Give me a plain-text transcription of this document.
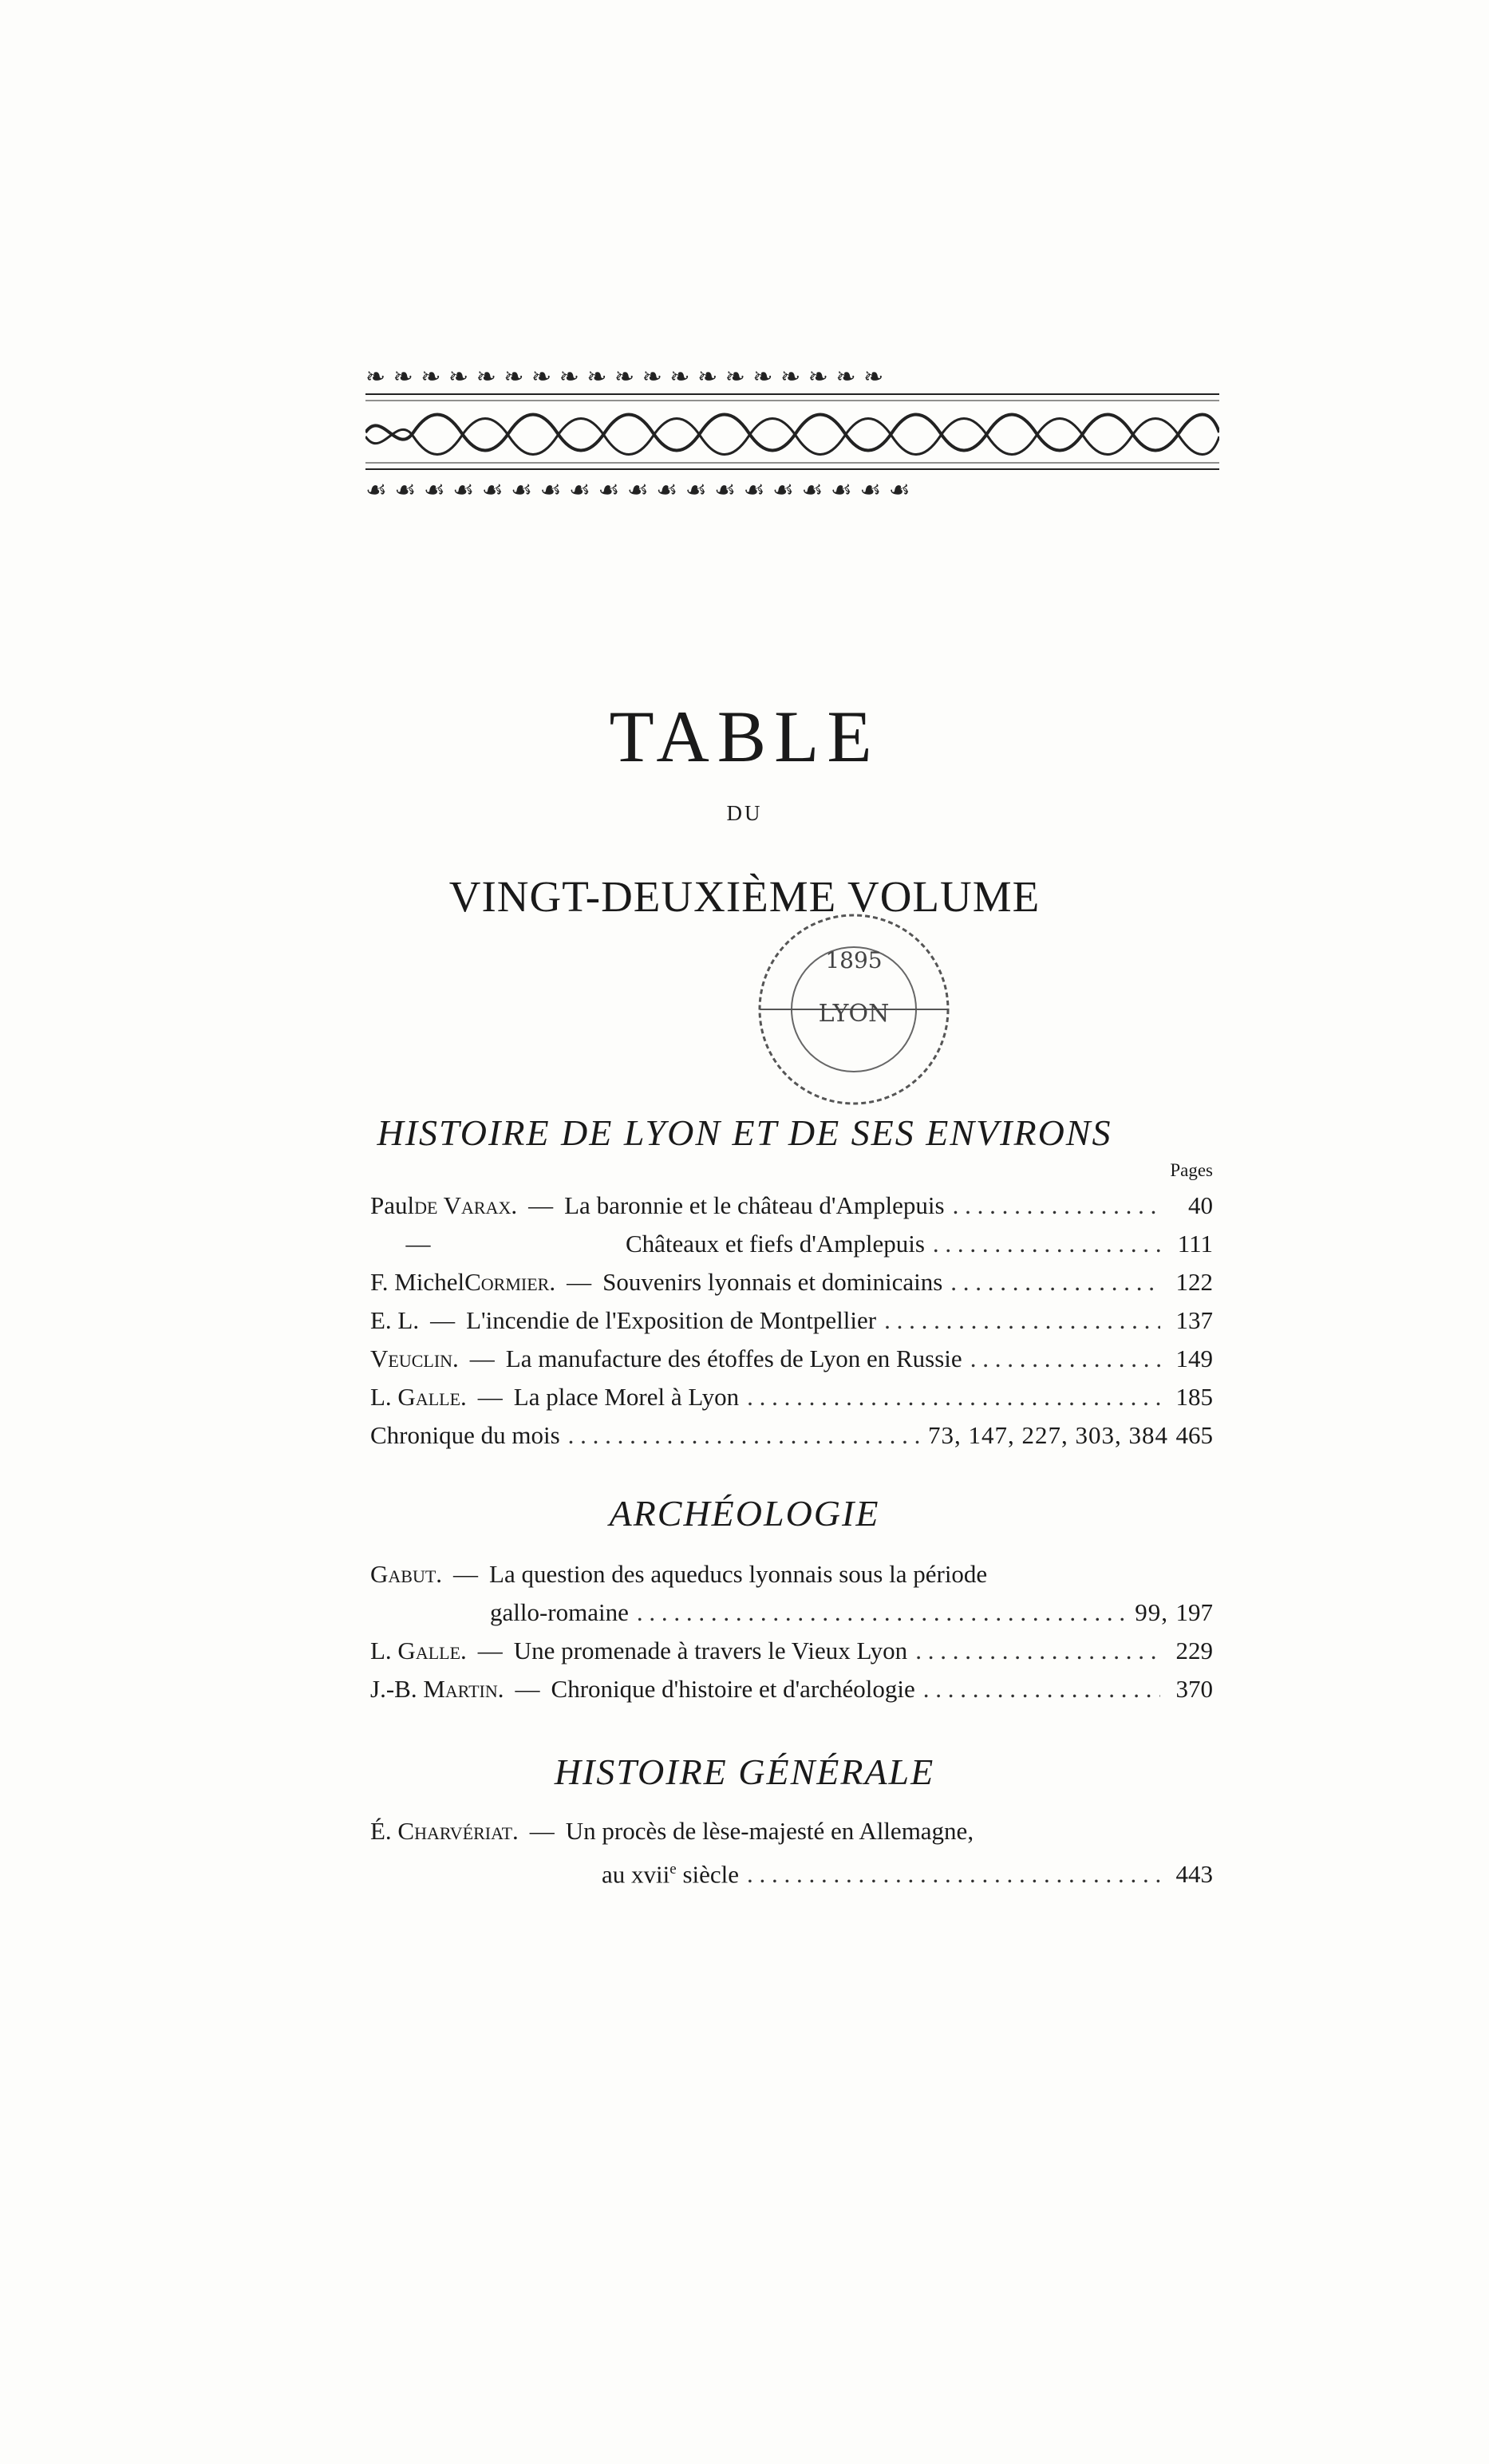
❧ ❧ ❧ ❧ ❧ ❧ ❧ ❧ ❧ ❧ ❧ ❧ ❧ ❧ ❧ ❧ ❧ ❧ ❧
☙ ☙ ☙ ☙ ☙ ☙ ☙ ☙ ☙ ☙ ☙ ☙ ☙ ☙ ☙ ☙ ☙ ☙ ☙
TABLE
DU
VINGT-DEUXIÈME VOLUME
1895
LYON
HISTOIRE DE LYON ET DE SES ENVIRONS
Pages
Paul de Varax. — La baronnie et le château d'Amplepuis . . .	40
—	Châteaux et fiefs d'Amplepuis . . .	111
F. Michel Cormier. — Souvenirs lyonnais et dominicains . . .	122
E. L. — L'incendie de l'Exposition de Montpellier . . .	137
Veuclin. — La manufacture des étoffes de Lyon en Russie . . .	149
L. Galle. — La place Morel à Lyon . . .	185
Chronique du mois . . .	73, 147, 227, 303, 384 465
ARCHÉOLOGIE
Gabut. — La question des aqueducs lyonnais sous la période
gallo-romaine . . .	99, 197
L. Galle. — Une promenade à travers le Vieux Lyon . . .	229
J.-B. Martin. — Chronique d'histoire et d'archéologie . . .	370
HISTOIRE GÉNÉRALE
É. Charvériat. — Un procès de lèse-majesté en Allemagne,
au xvii$^e$ siècle . . .	443
